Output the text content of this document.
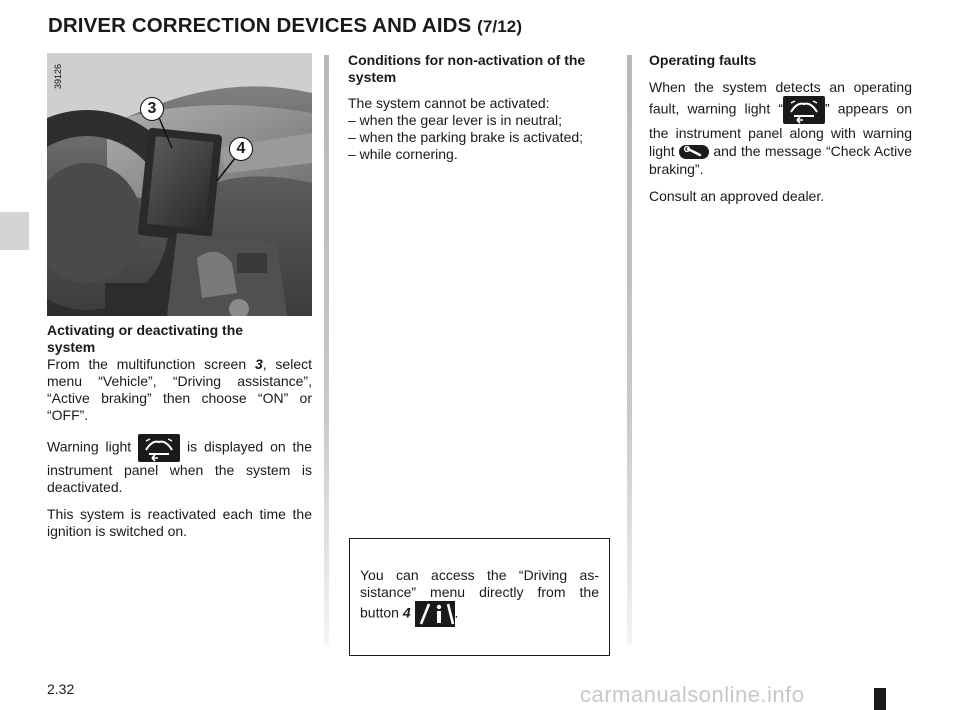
DRIVER CORRECTION DEVICES AND AIDS (7/12)
39126
3
4

Activating or deactivating the system

From the multifunction screen 3, select menu “Vehicle”, “Driving assistance”, “Active braking” then choose “ON” or “OFF”.

Warning light	is displayed on the instrument panel when the system is deactivated.

This system is reactivated each time the ignition is switched on.

Conditions for non-activation of the system

The system cannot be activated:

– when the gear lever is in neutral;

– when the parking brake is activated;

– while cornering.

Operating faults

When the system detects an operating fault, warning light “	” appears on the instrument panel along with warning light
and the message “Check Active braking”.

Consult an approved dealer.

You can access the “Driving as-sistance” menu directly from the button 4	.
2.32	carmanualsonline.info
